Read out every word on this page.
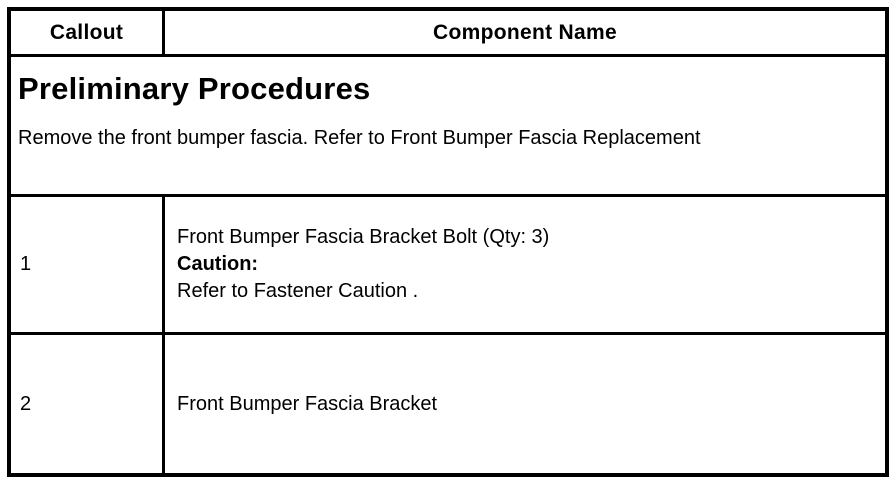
Callout	Component Name
Preliminary Procedures
Remove the front bumper fascia. Refer to Front Bumper Fascia Replacement
1
Front Bumper Fascia Bracket Bolt (Qty: 3)
Caution:
Refer to Fastener Caution .
2	Front Bumper Fascia Bracket
